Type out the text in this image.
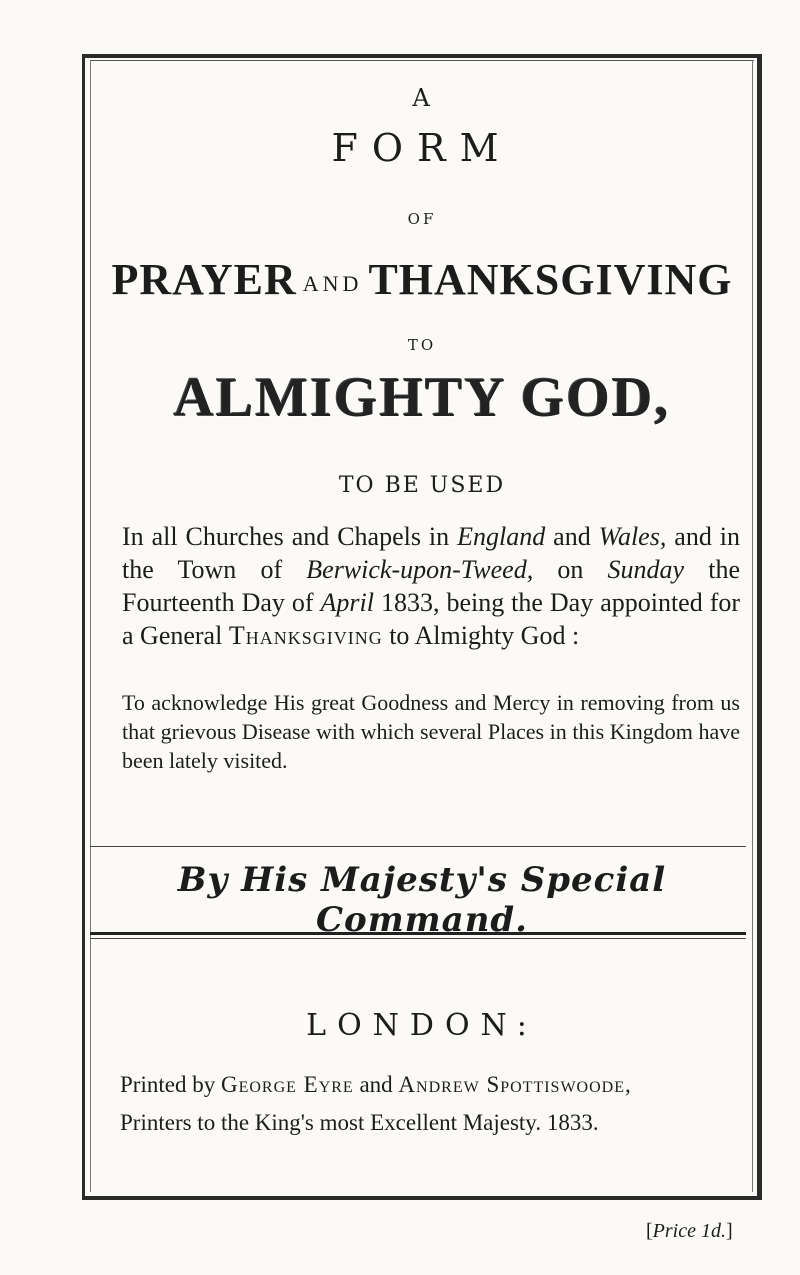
A
FORM
OF
PRAYER AND THANKSGIVING
TO
ALMIGHTY GOD,
TO BE USED
In all Churches and Chapels in England and Wales, and in the Town of Berwick-upon-Tweed, on Sunday the Fourteenth Day of April 1833, being the Day appointed for a General Thanksgiving to Almighty God :
To acknowledge His great Goodness and Mercy in removing from us that grievous Disease with which several Places in this Kingdom have been lately visited.
By His Majesty's Special Command.
LONDON:
Printed by George Eyre and Andrew Spottiswoode,
Printers to the King's most Excellent Majesty. 1833.
[Price 1d.]
